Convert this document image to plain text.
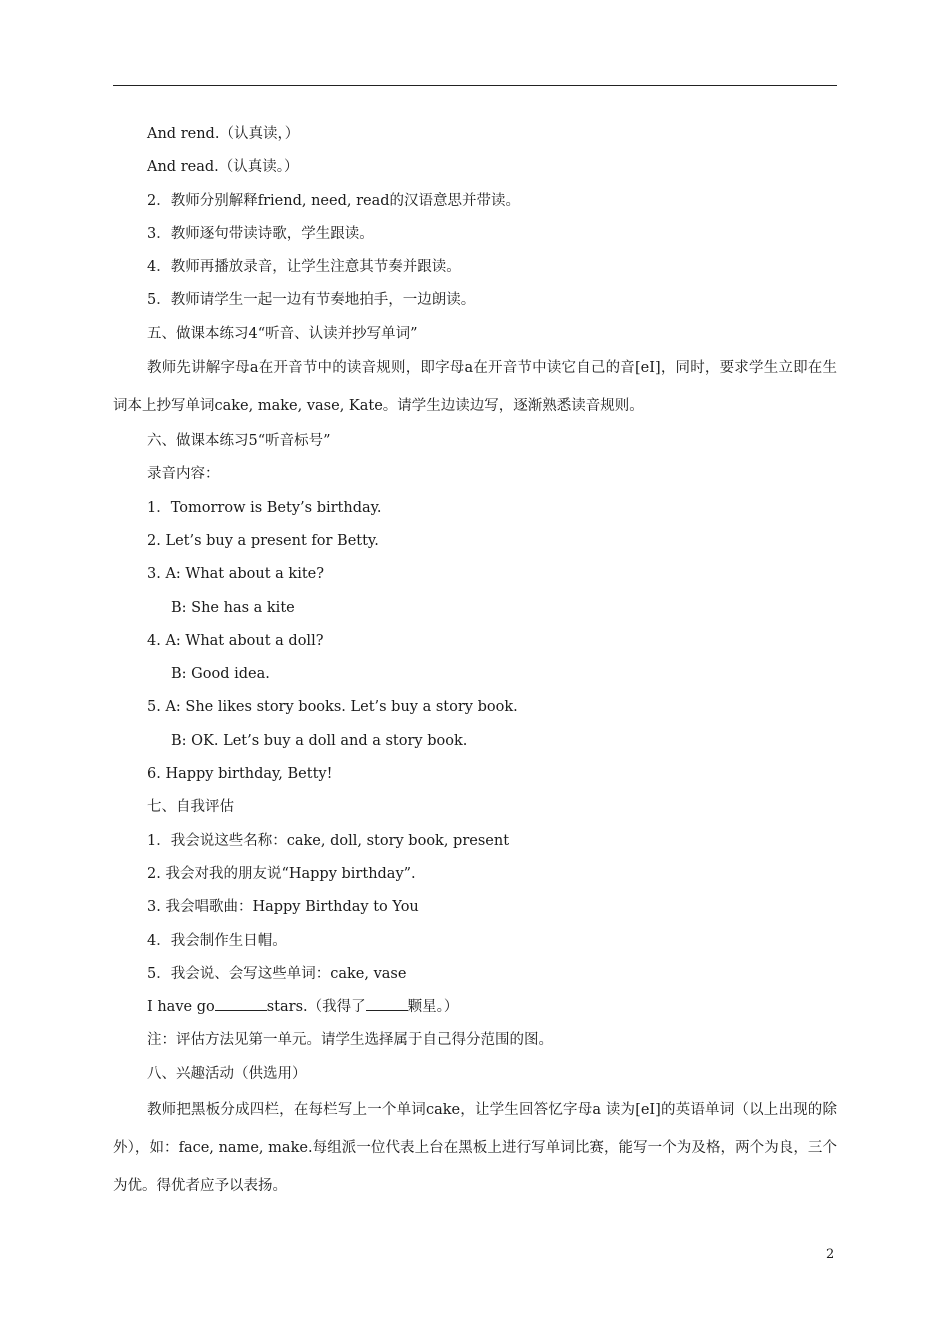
And rend.（认真读，）
And read.（认真读。）
2．教师分别解释friend, need, read的汉语意思并带读。
3．教师逐句带读诗歌，学生跟读。
4．教师再播放录音，让学生注意其节奏并跟读。
5．教师请学生一起一边有节奏地拍手，一边朗读。
五、做课本练习4“听音、认读并抄写单词”
教师先讲解字母a在开音节中的读音规则，即字母a在开音节中读它自己的音[eI]，同时，要求学生立即在生词本上抄写单词cake, make, vase, Kate。请学生边读边写，逐渐熟悉读音规则。
六、做课本练习5“听音标号”
录音内容：
1．Tomorrow is Bety’s birthday.
2. Let’s buy a present for Betty.
3. A: What about a kite?
B: She has a kite
4. A: What about a doll?
B: Good idea.
5. A: She likes story books. Let’s buy a story book.
B: OK. Let’s buy a doll and a story book.
6. Happy birthday, Betty!
七、自我评估
1．我会说这些名称：cake, doll, story book, present
2. 我会对我的朋友说“Happy birthday”.
3. 我会唱歌曲：Happy Birthday to You
4．我会制作生日帽。
5．我会说、会写这些单词：cake, vase
I have go	stars.（我得了	颗星。）
注：评估方法见第一单元。请学生选择属于自己得分范围的图。
八、兴趣活动（供选用）
教师把黑板分成四栏，在每栏写上一个单词cake，让学生回答忆字母a 读为[eI]的英语单词（以上出现的除外），如：face, name, make.每组派一位代表上台在黑板上进行写单词比赛，能写一个为及格，两个为良，三个为优。得优者应予以表扬。
2
